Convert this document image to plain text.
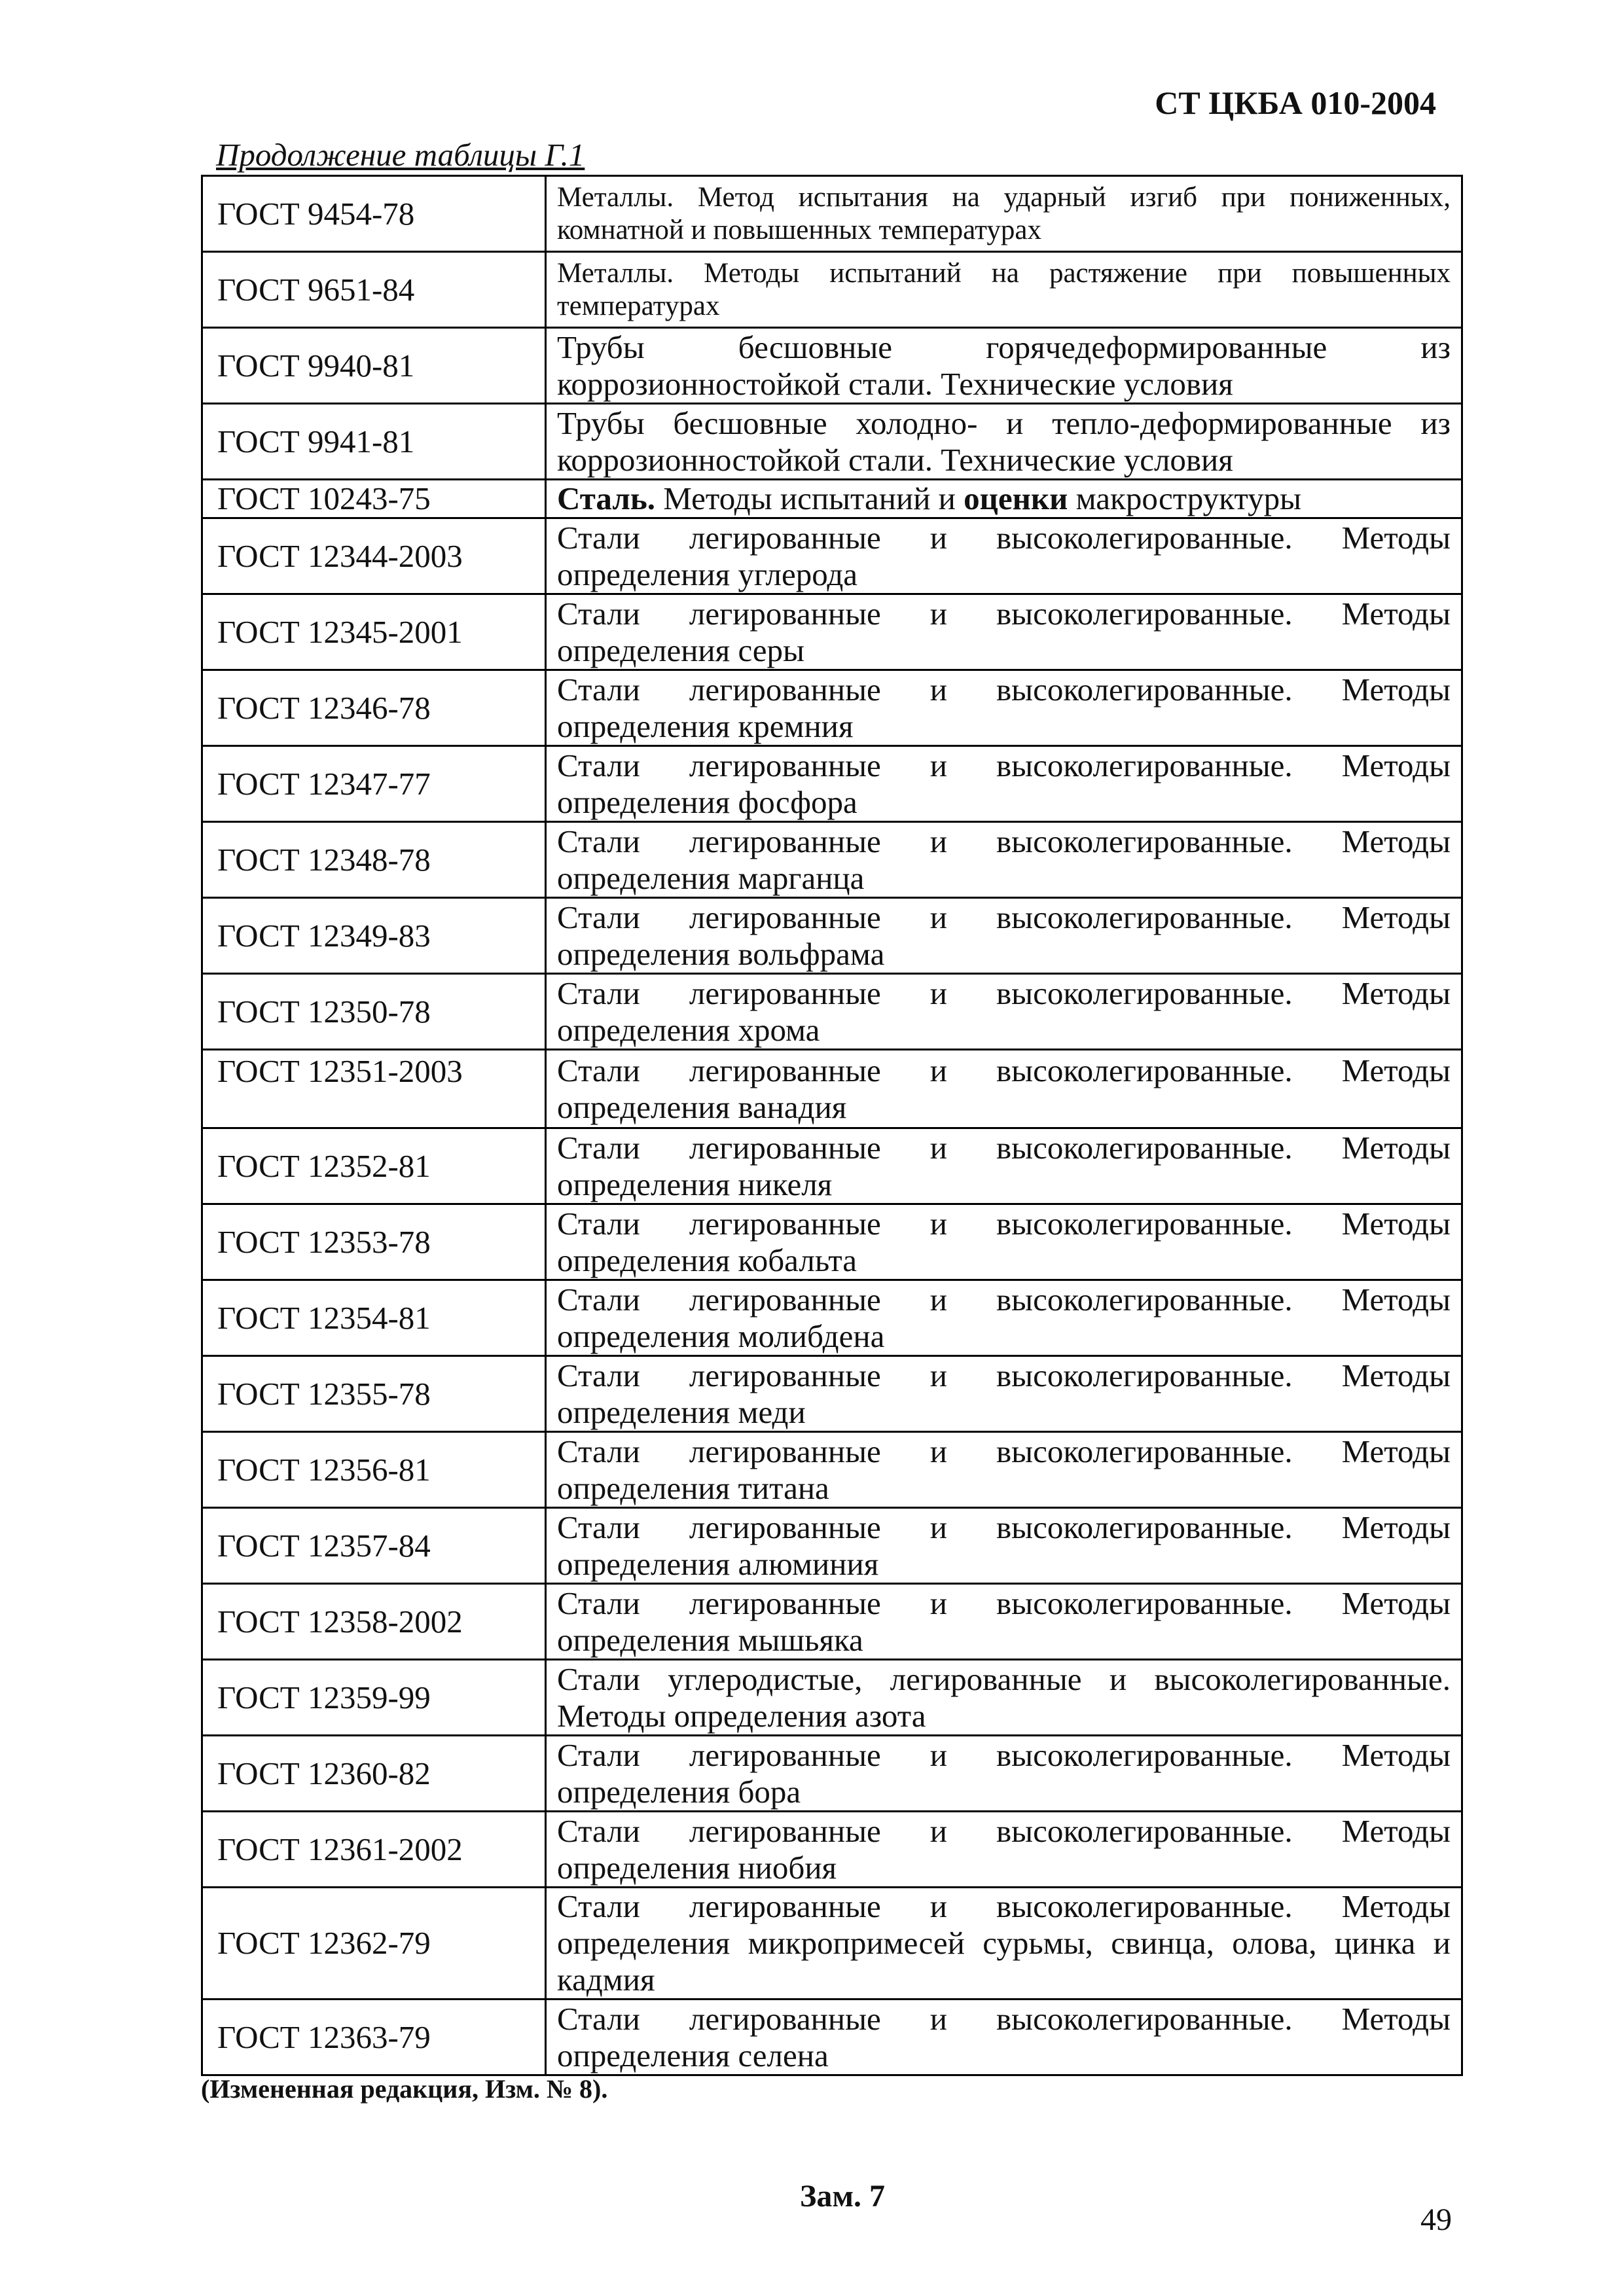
СТ ЦКБА 010-2004
Продолжение таблицы Г.1
ГОСТ 9454-78	Металлы. Метод испытания на ударный изгиб при пониженных, комнатной и повышенных температурах
ГОСТ 9651-84	Металлы. Методы испытаний на растяжение при повышенных температурах
ГОСТ 9940-81	Трубы бесшовные горячедеформированные из коррозионностойкой стали. Технические условия
ГОСТ 9941-81	Трубы бесшовные холодно- и тепло-деформированные из коррозионностойкой стали. Технические условия
ГОСТ 10243-75	Сталь. Методы испытаний и оценки макроструктуры
ГОСТ 12344-2003	Стали легированные и высоколегированные. Методы определения углерода
ГОСТ 12345-2001	Стали легированные и высоколегированные. Методы определения серы
ГОСТ 12346-78	Стали легированные и высоколегированные. Методы определения кремния
ГОСТ 12347-77	Стали легированные и высоколегированные. Методы определения фосфора
ГОСТ 12348-78	Стали легированные и высоколегированные. Методы определения марганца
ГОСТ 12349-83	Стали легированные и высоколегированные. Методы определения вольфрама
ГОСТ 12350-78	Стали легированные и высоколегированные. Методы определения хрома
ГОСТ 12351-2003	Стали легированные и высоколегированные. Методы определения ванадия
ГОСТ 12352-81	Стали легированные и высоколегированные. Методы определения никеля
ГОСТ 12353-78	Стали легированные и высоколегированные. Методы определения кобальта
ГОСТ 12354-81	Стали легированные и высоколегированные. Методы определения молибдена
ГОСТ 12355-78	Стали легированные и высоколегированные. Методы определения меди
ГОСТ 12356-81	Стали легированные и высоколегированные. Методы определения титана
ГОСТ 12357-84	Стали легированные и высоколегированные. Методы определения алюминия
ГОСТ 12358-2002	Стали легированные и высоколегированные. Методы определения мышьяка
ГОСТ 12359-99	Стали углеродистые, легированные и высоколегированные. Методы определения азота
ГОСТ 12360-82	Стали легированные и высоколегированные. Методы определения бора
ГОСТ 12361-2002	Стали легированные и высоколегированные. Методы определения ниобия
ГОСТ 12362-79	Стали легированные и высоколегированные. Методы определения микропримесей сурьмы, свинца, олова, цинка и кадмия
ГОСТ 12363-79	Стали легированные и высоколегированные. Методы определения селена
(Измененная редакция, Изм. № 8).
Зам. 7
49
